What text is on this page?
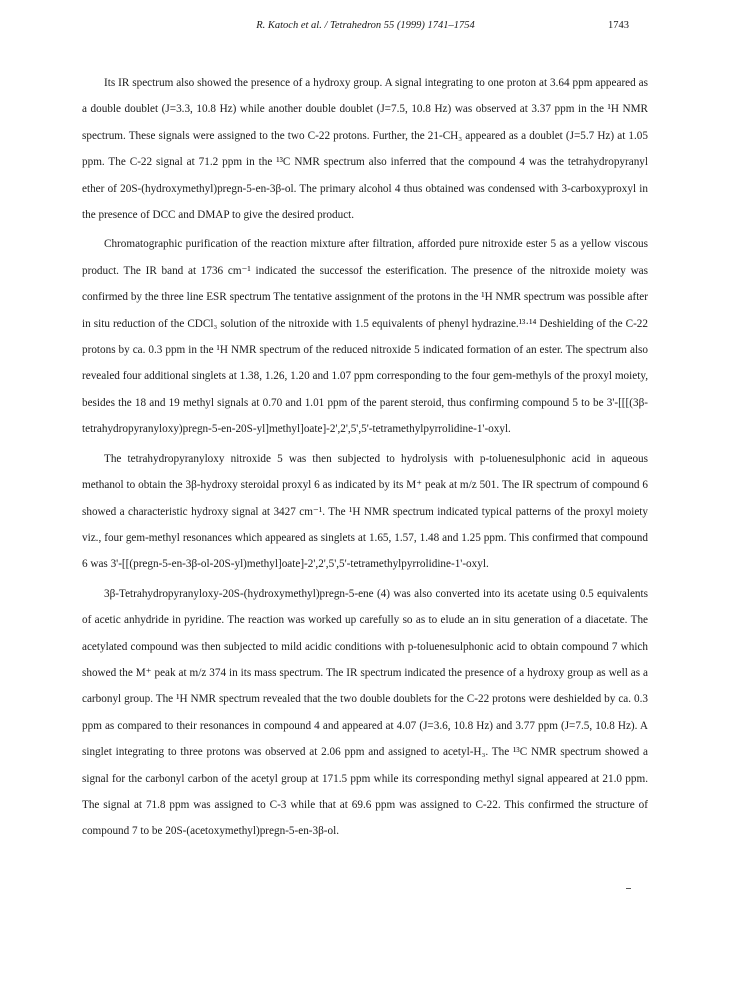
R. Katoch et al. / Tetrahedron 55 (1999) 1741–1754	1743

Its IR spectrum also showed the presence of a hydroxy group. A signal integrating to one proton at 3.64 ppm appeared as a double doublet (J=3.3, 10.8 Hz) while another double doublet (J=7.5, 10.8 Hz) was observed at 3.37 ppm in the ¹H NMR spectrum. These signals were assigned to the two C-22 protons. Further, the 21-CH₃ appeared as a doublet (J=5.7 Hz) at 1.05 ppm. The C-22 signal at 71.2 ppm in the ¹³C NMR spectrum also inferred that the compound 4 was the tetrahydropyranyl ether of 20S-(hydroxymethyl)pregn-5-en-3β-ol. The primary alcohol 4 thus obtained was condensed with 3-carboxyproxyl in the presence of DCC and DMAP to give the desired product.

Chromatographic purification of the reaction mixture after filtration, afforded pure nitroxide ester 5 as a yellow viscous product. The IR band at 1736 cm⁻¹ indicated the successof the esterification. The presence of the nitroxide moiety was confirmed by the three line ESR spectrum The tentative assignment of the protons in the ¹H NMR spectrum was possible after in situ reduction of the CDCl₃ solution of the nitroxide with 1.5 equivalents of phenyl hydrazine.¹³·¹⁴ Deshielding of the C-22 protons by ca. 0.3 ppm in the ¹H NMR spectrum of the reduced nitroxide 5 indicated formation of an ester. The spectrum also revealed four additional singlets at 1.38, 1.26, 1.20 and 1.07 ppm corresponding to the four gem-methyls of the proxyl moiety, besides the 18 and 19 methyl signals at 0.70 and 1.01 ppm of the parent steroid, thus confirming compound 5 to be 3'-[[[(3β-tetrahydropyranyloxy)pregn-5-en-20S-yl]methyl]oate]-2',2',5',5'-tetramethylpyrrolidine-1'-oxyl.

The tetrahydropyranyloxy nitroxide 5 was then subjected to hydrolysis with p-toluenesulphonic acid in aqueous methanol to obtain the 3β-hydroxy steroidal proxyl 6 as indicated by its M⁺ peak at m/z 501. The IR spectrum of compound 6 showed a characteristic hydroxy signal at 3427 cm⁻¹. The ¹H NMR spectrum indicated typical patterns of the proxyl moiety viz., four gem-methyl resonances which appeared as singlets at 1.65, 1.57, 1.48 and 1.25 ppm. This confirmed that compound 6 was 3'-[[(pregn-5-en-3β-ol-20S-yl)methyl]oate]-2',2',5',5'-tetramethylpyrrolidine-1'-oxyl.

3β-Tetrahydropyranyloxy-20S-(hydroxymethyl)pregn-5-ene (4) was also converted into its acetate using 0.5 equivalents of acetic anhydride in pyridine. The reaction was worked up carefully so as to elude an in situ generation of a diacetate. The acetylated compound was then subjected to mild acidic conditions with p-toluenesulphonic acid to obtain compound 7 which showed the M⁺ peak at m/z 374 in its mass spectrum. The IR spectrum indicated the presence of a hydroxy group as well as a carbonyl group. The ¹H NMR spectrum revealed that the two double doublets for the C-22 protons were deshielded by ca. 0.3 ppm as compared to their resonances in compound 4 and appeared at 4.07 (J=3.6, 10.8 Hz) and 3.77 ppm (J=7.5, 10.8 Hz). A singlet integrating to three protons was observed at 2.06 ppm and assigned to acetyl-H₃. The ¹³C NMR spectrum showed a signal for the carbonyl carbon of the acetyl group at 171.5 ppm while its corresponding methyl signal appeared at 21.0 ppm. The signal at 71.8 ppm was assigned to C-3 while that at 69.6 ppm was assigned to C-22. This confirmed the structure of compound 7 to be 20S-(acetoxymethyl)pregn-5-en-3β-ol.
